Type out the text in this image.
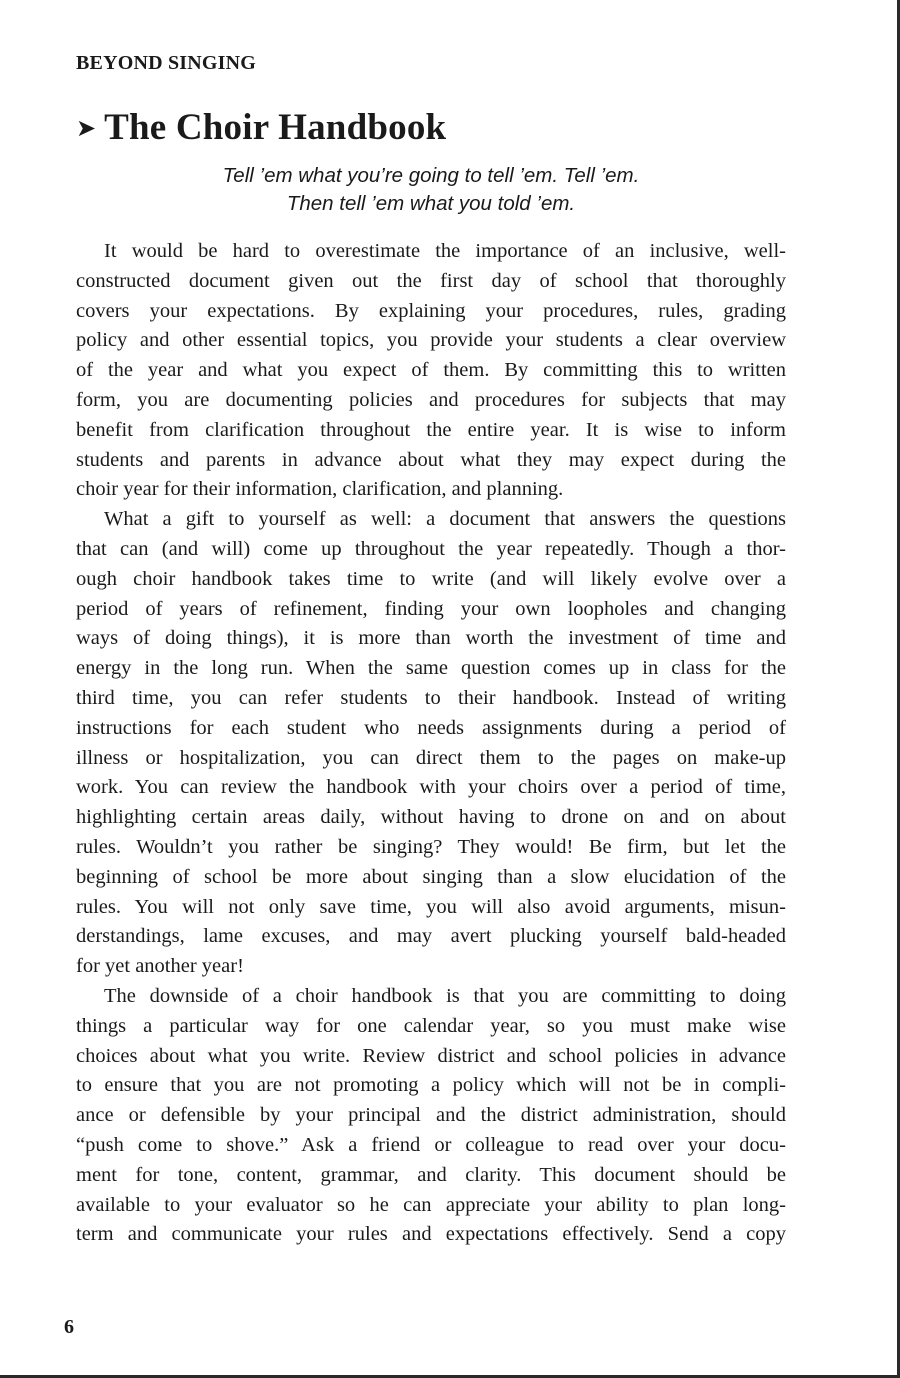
BEYOND SINGING
➤ The Choir Handbook
Tell ’em what you’re going to tell ’em. Tell ’em.
Then tell ’em what you told ’em.
It would be hard to overestimate the importance of an inclusive, well-
constructed document given out the first day of school that thoroughly
covers your expectations. By explaining your procedures, rules, grading
policy and other essential topics, you provide your students a clear overview
of the year and what you expect of them. By committing this to written
form, you are documenting policies and procedures for subjects that may
benefit from clarification throughout the entire year. It is wise to inform
students and parents in advance about what they may expect during the
choir year for their information, clarification, and planning.
What a gift to yourself as well: a document that answers the questions
that can (and will) come up throughout the year repeatedly. Though a thor-
ough choir handbook takes time to write (and will likely evolve over a
period of years of refinement, finding your own loopholes and changing
ways of doing things), it is more than worth the investment of time and
energy in the long run. When the same question comes up in class for the
third time, you can refer students to their handbook. Instead of writing
instructions for each student who needs assignments during a period of
illness or hospitalization, you can direct them to the pages on make-up
work. You can review the handbook with your choirs over a period of time,
highlighting certain areas daily, without having to drone on and on about
rules. Wouldn’t you rather be singing? They would! Be firm, but let the
beginning of school be more about singing than a slow elucidation of the
rules. You will not only save time, you will also avoid arguments, misun-
derstandings, lame excuses, and may avert plucking yourself bald-headed
for yet another year!
The downside of a choir handbook is that you are committing to doing
things a particular way for one calendar year, so you must make wise
choices about what you write. Review district and school policies in advance
to ensure that you are not promoting a policy which will not be in compli-
ance or defensible by your principal and the district administration, should
“push come to shove.” Ask a friend or colleague to read over your docu-
ment for tone, content, grammar, and clarity. This document should be
available to your evaluator so he can appreciate your ability to plan long-
term and communicate your rules and expectations effectively. Send a copy
6
